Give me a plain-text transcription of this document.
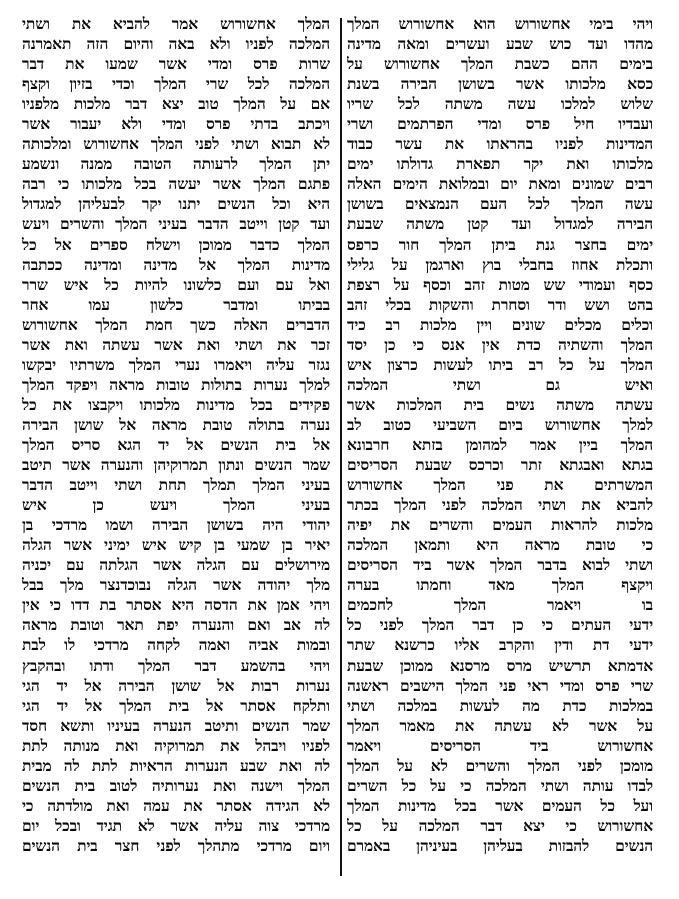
ויהי בימי אחשורוש הוא אחשורוש המלך
מהדו ועד כוש שבע ועשרים ומאה מדינה
בימים ההם כשבת המלך אחשורוש על
כסא מלכותו אשר בשושן הבירה בשנת
שלוש למלכו עשה משתה לכל שריו
ועבדיו חיל פרס ומדי הפרתמים ושרי
המדינות לפניו בהראתו את עשר כבוד
מלכותו ואת יקר תפארת גדולתו ימים
רבים שמונים ומאת יום ובמלואת הימים האלה
עשה המלך לכל העם הנמצאים בשושן
הבירה למגדול ועד קטן משתה שבעת
ימים בחצר גנת ביתן המלך חור כרפס
ותכלת אחוז בחבלי בוץ וארגמן על גלילי
כסף ועמודי שש מטות זהב וכסף על רצפת
בהט ושש ודר וסחרת והשקות בכלי זהב
וכלים מכלים שונים ויין מלכות רב כיד
המלך והשתיה כדת אין אנס כי כן יסד
המלך על כל רב ביתו לעשות כרצון איש
ואיש גם ושתי המלכה
עשתה משתה נשים בית המלכות אשר
למלך אחשורוש ביום השביעי כטוב לב
המלך ביין אמר למהומן בזתא חרבונא
בגתא ואבגתא זתר וכרכס שבעת הסריסים
המשרתים את פני המלך אחשורוש
להביא את ושתי המלכה לפני המלך בכתר
מלכות להראות העמים והשרים את יפיה
כי טובת מראה היא ותמאן המלכה
ושתי לבוא בדבר המלך אשר ביד הסריסים
ויקצף המלך מאד וחמתו בערה
בו ויאמר המלך לחכמים
ידעי העתים כי כן דבר המלך לפני כל
ידעי דת ודין והקרב אליו כרשנא שתר
אדמתא תרשיש מרס מרסנא ממוכן שבעת
שרי פרס ומדי ראי פני המלך הישבים ראשנה
במלכות כדת מה לעשות במלכה ושתי
על אשר לא עשתה את מאמר המלך
אחשורוש ביד הסריסים ויאמר
מומכן לפני המלך והשרים לא על המלך
לבדו עותה ושתי המלכה כי על כל השרים
ועל כל העמים אשר בכל מדינות המלך
אחשורוש כי יצא דבר המלכה על כל
הנשים להבזות בעליהן בעיניהן באמרם
המלך אחשורוש אמר להביא את ושתי
המלכה לפניו ולא באה והיום הזה תאמרנה
שרות פרס ומדי אשר שמעו את דבר
המלכה לכל שרי המלך וכדי בזיון וקצף
אם על המלך טוב יצא דבר מלכות מלפניו
ויכתב בדתי פרס ומדי ולא יעבור אשר
לא תבוא ושתי לפני המלך אחשורוש ומלכותה
יתן המלך לרעותה הטובה ממנה ונשמע
פתגם המלך אשר יעשה בכל מלכותו כי רבה
היא וכל הנשים יתנו יקר לבעליהן למגדול
ועד קטן וייטב הדבר בעיני המלך והשרים ויעש
המלך כדבר ממוכן וישלח ספרים אל כל
מדינות המלך אל מדינה ומדינה ככתבה
ואל עם ועם כלשונו להיות כל איש שרר
בביתו ומדבר כלשון עמו אחר
הדברים האלה כשך חמת המלך אחשורוש
זכר את ושתי ואת אשר עשתה ואת אשר
נגזר עליה ויאמרו נערי המלך משרתיו יבקשו
למלך נערות בתולות טובות מראה ויפקד המלך
פקידים בכל מדינות מלכותו ויקבצו את כל
נערה בתולה טובת מראה אל שושן הבירה
אל בית הנשים אל יד הגא סריס המלך
שמר הנשים ונתון תמרוקיהן והנערה אשר תיטב
בעיני המלך תמלך תחת ושתי וייטב הדבר
בעיני המלך ויעש כן איש
יהודי היה בשושן הבירה ושמו מרדכי בן
יאיר בן שמעי בן קיש איש ימיני אשר הגלה
מירושלים עם הגלה אשר הגלתה עם יכניה
מלך יהודה אשר הגלה נבוכדנצר מלך בבל
ויהי אמן את הדסה היא אסתר בת דדו כי אין
לה אב ואם והנערה יפת תאר וטובת מראה
ובמות אביה ואמה לקחה מרדכי לו לבת
ויהי בהשמע דבר המלך ודתו ובהקבץ
נערות רבות אל שושן הבירה אל יד הגי
ותלקח אסתר אל בית המלך אל יד הגי
שמר הנשים ותיטב הנערה בעיניו ותשא חסד
לפניו ויבהל את תמרוקיה ואת מנותה לתת
לה ואת שבע הנערות הראיות לתת לה מבית
המלך וישנה ואת נערותיה לטוב בית הנשים
לא הגידה אסתר את עמה ואת מולדתה כי
מרדכי צוה עליה אשר לא תגיד ובכל יום
ויום מרדכי מתהלך לפני חצר בית הנשים
